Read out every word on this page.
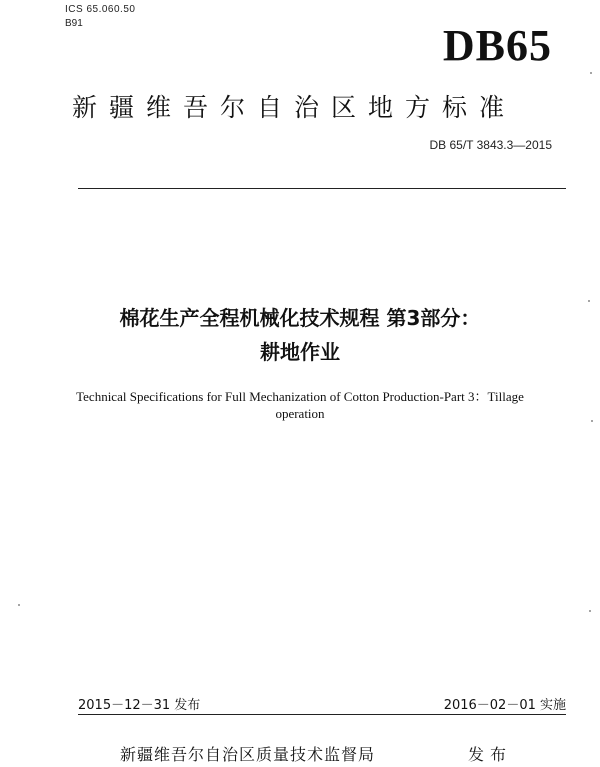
ICS 65.060.50
B91	DB65
新疆维吾尔自治区地方标准
DB 65/T 3843.3—2015
棉花生产全程机械化技术规程 第3部分：
耕地作业
Technical Specifications for Full Mechanization of Cotton Production-Part 3：Tillage
operation
2015－12－31 发布	2016－02－01 实施
新疆维吾尔自治区质量技术监督局	发布
